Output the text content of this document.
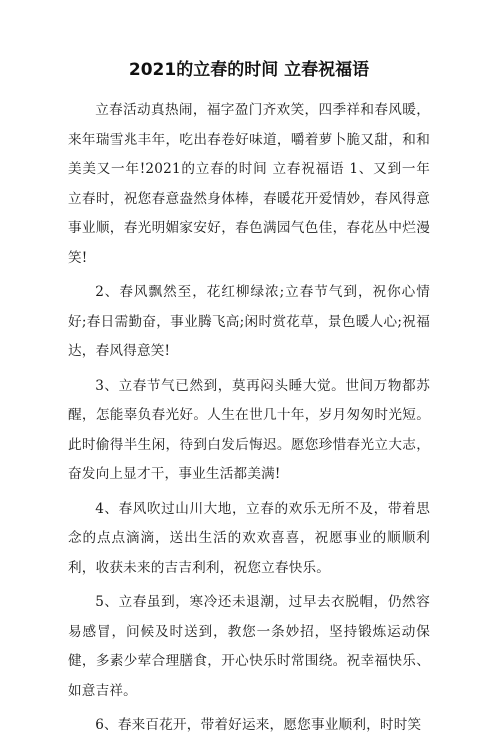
2021的立春的时间 立春祝福语

立春活动真热闹，福字盈门齐欢笑，四季祥和春风暖，来年瑞雪兆丰年，吃出春卷好味道，嚼着萝卜脆又甜，和和美美又一年!2021的立春的时间 立春祝福语 1、又到一年立春时，祝您春意盎然身体棒，春暖花开爱情妙，春风得意事业顺，春光明媚家安好，春色满园气色佳，春花丛中烂漫笑!

2、春风飘然至，花红柳绿浓;立春节气到，祝你心情好;春日需勤奋，事业腾飞高;闲时赏花草，景色暖人心;祝福达，春风得意笑!

3、立春节气已然到，莫再闷头睡大觉。世间万物都苏醒，怎能辜负春光好。人生在世几十年，岁月匆匆时光短。此时偷得半生闲，待到白发后悔迟。愿您珍惜春光立大志，奋发向上显才干，事业生活都美满!

4、春风吹过山川大地，立春的欢乐无所不及，带着思念的点点滴滴，送出生活的欢欢喜喜，祝愿事业的顺顺利利，收获未来的吉吉利利，祝您立春快乐。

5、立春虽到，寒冷还未退潮，过早去衣脱帽，仍然容易感冒，问候及时送到，教您一条妙招，坚持锻炼运动保健，多素少荤合理膳食，开心快乐时常围绕。祝幸福快乐、如意吉祥。

6、春来百花开，带着好运来，愿您事业顺利，时时笑
